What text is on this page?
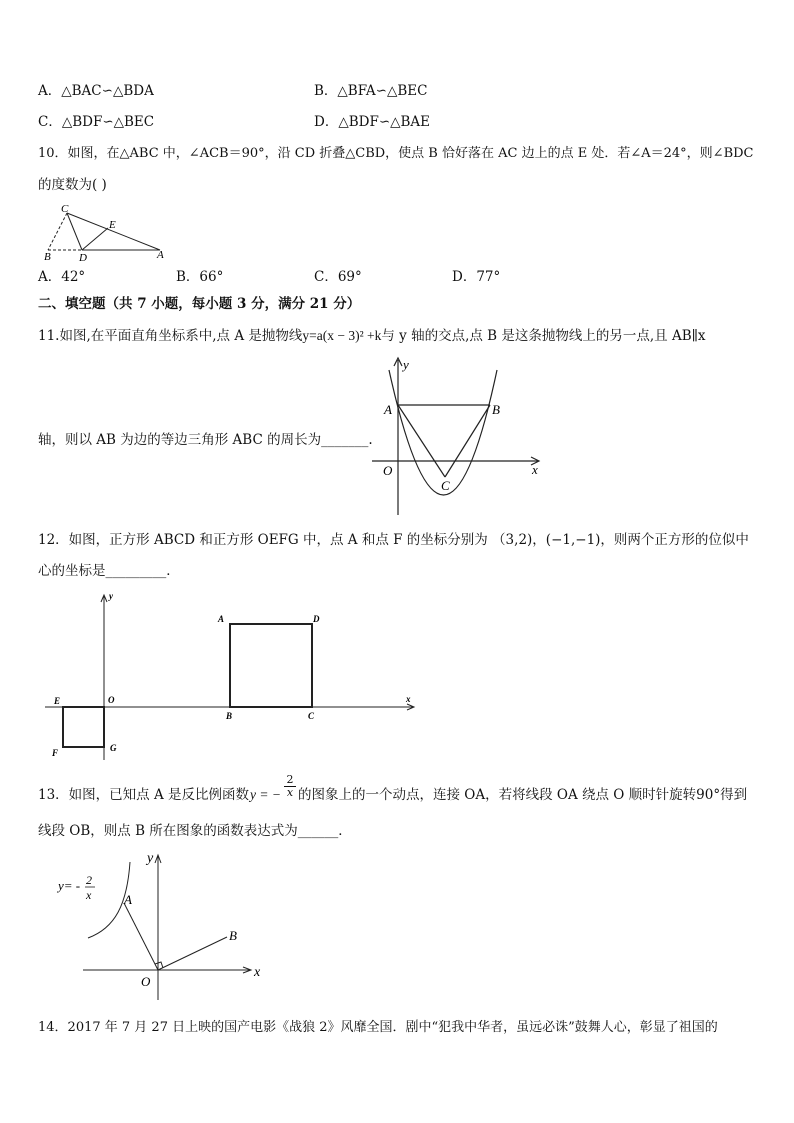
A．△BAC∽△BDA	B．△BFA∽△BEC
C．△BDF∽△BEC	D．△BDF∽△BAE
10．如图，在△ABC 中，∠ACB＝90°，沿 CD 折叠△CBD，使点 B 恰好落在 AC 边上的点 E 处．若∠A＝24°，则∠BDC
的度数为( )
C
E
B	D	A
A．42°	B．66°	C．69°	D．77°
二、填空题（共 7 小题，每小题 3 分，满分 21 分）
11.如图,在平面直角坐标系中,点 A 是抛物线y=a(x − 3)² +k与 y 轴的交点,点 B 是这条抛物线上的另一点,且 AB∥x
轴，则以 AB 为边的等边三角形 ABC 的周长为_______.
y
x
O
A	B
C
12．如图，正方形 ABCD 和正方形 OEFG 中，点 A 和点 F 的坐标分别为 （3,2)，(−1,−1)，则两个正方形的位似中
心的坐标是_________．
y
x
O
A	D
B	C
E
F	G
13．如图，已知点 A 是反比例函数 y = − $\frac{2}{x}$ 的图象上的一个动点，连接 OA，若将线段 OA 绕点 O 顺时针旋转90°得到
线段 OB，则点 B 所在图象的函数表达式为______．
y= - 2
x
y
x
O
A
B
14．2017 年 7 月 27 日上映的国产电影《战狼 2》风靡全国．剧中“犯我中华者，虽远必诛”鼓舞人心，彰显了祖国的
